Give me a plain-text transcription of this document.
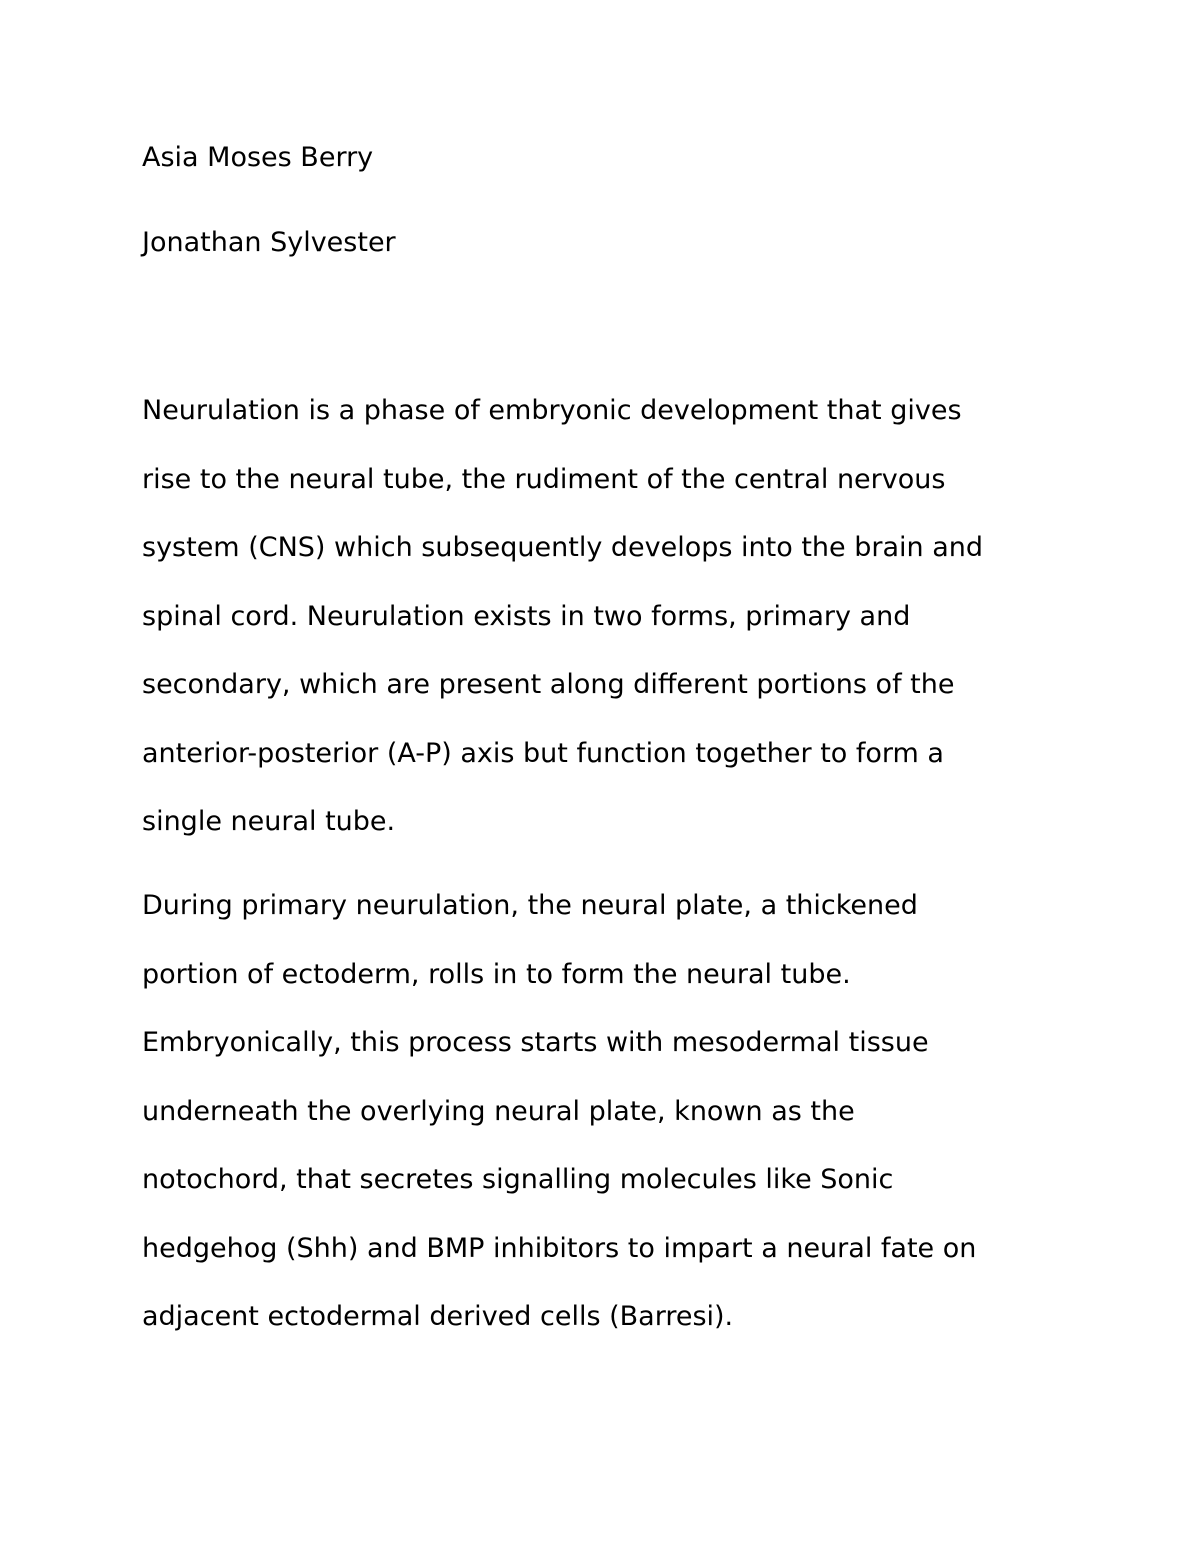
Asia Moses Berry

Jonathan Sylvester

Neurulation is a phase of embryonic development that gives

rise to the neural tube, the rudiment of the central nervous

system (CNS) which subsequently develops into the brain and

spinal cord. Neurulation exists in two forms, primary and

secondary, which are present along different portions of the

anterior-posterior (A-P) axis but function together to form a

single neural tube.

During primary neurulation, the neural plate, a thickened

portion of ectoderm, rolls in to form the neural tube.

Embryonically, this process starts with mesodermal tissue

underneath the overlying neural plate, known as the

notochord, that secretes signalling molecules like Sonic

hedgehog (Shh) and BMP inhibitors to impart a neural fate on

adjacent ectodermal derived cells (Barresi).
